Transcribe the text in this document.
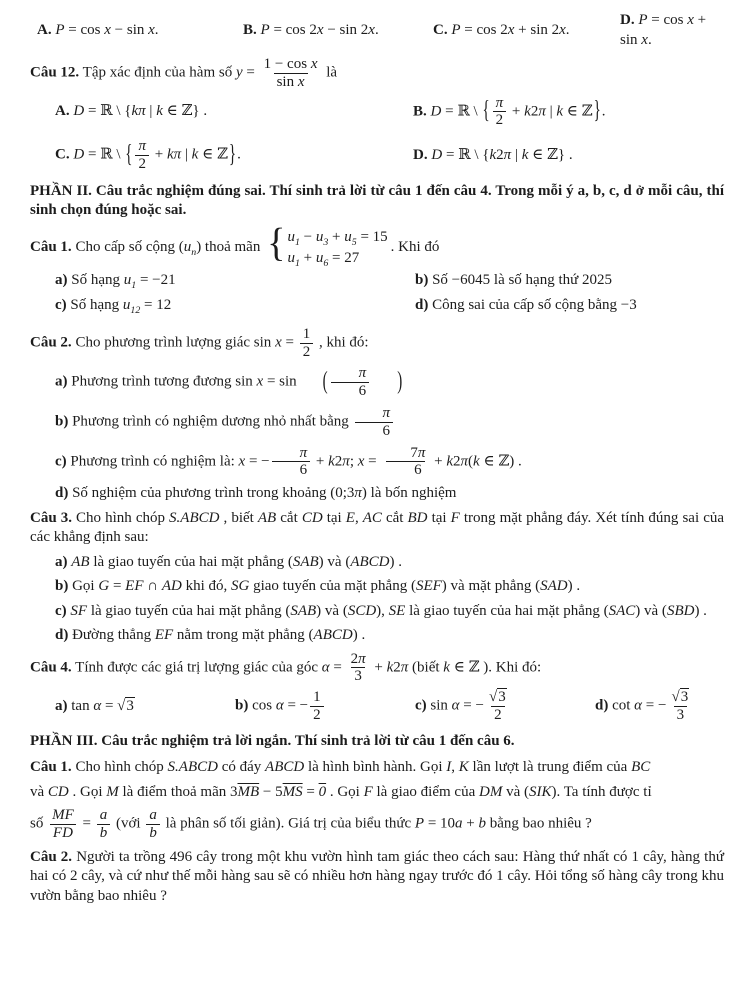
A. P = cos x − sin x.	B. P = cos 2x − sin 2x.	C. P = cos 2x + sin 2x.
D. P = cos x + sin x.
Câu 12. Tập xác định của hàm số $y = \frac{\text{1 − cos x}}{\text{sin x}}$ là
A. D = ℝ \ {kπ | k ∈ ℤ} .	B. D = ℝ \ { $\frac{\pi}{2} + k2\pi$ | k ∈ ℤ}.
C. D = ℝ \ { $\frac{\pi}{2} + k\pi$ | k ∈ ℤ}.	D. D = ℝ \ {k2π | k ∈ ℤ} .
PHẦN II. Câu trắc nghiệm đúng sai. Thí sinh trả lời từ câu 1 đến câu 4. Trong mỗi ý a, b, c, d ở mỗi câu, thí sinh chọn đúng hoặc sai.
Câu 1. Cho cấp số cộng $(u_n)$ thoả mãn
{
$u_1 - u_3 + u_5 = 15$
$u_1 + u_6 = 27$
. Khi đó
a) Số hạng $u_1 = -21$	b) Số −6045 là số hạng thứ 2025
c) Số hạng $u_{12} = 12$	d) Công sai của cấp số cộng bằng −3
Câu 2. Cho phương trình lượng giác $\sin x = \frac{1}{2}$ , khi đó:
a) Phương trình tương đương sin x = sin ( $\frac{\pi}{6}$ )
b) Phương trình có nghiệm dương nhỏ nhất bằng $\frac{\pi}{6}$
c) Phương trình có nghiệm là: x = − $\frac{\pi}{6} + k2\pi$; $x = \frac{7\pi}{6} + k2\pi(k$ ∈ ℤ) .
d) Số nghiệm của phương trình trong khoảng (0;3π) là bốn nghiệm
Câu 3. Cho hình chóp S.ABCD , biết AB cắt CD tại E, AC cắt BD tại F trong mặt phẳng đáy. Xét tính đúng sai của các khẳng định sau:
a) AB là giao tuyến của hai mặt phẳng (SAB) và (ABCD) .
b) Gọi G = EF ∩ AD khi đó, SG giao tuyến của mặt phẳng (SEF) và mặt phẳng (SAD) .
c) SF là giao tuyến của hai mặt phẳng (SAB) và (SCD), SE là giao tuyến của hai mặt phẳng (SAC) và (SBD) .
d) Đường thẳng EF nằm trong mặt phẳng (ABCD) .
Câu 4. Tính được các giá trị lượng giác của góc $\alpha = \frac{2\pi}{3} + k2\pi$ (biết k ∈ ℤ ). Khi đó:
a) tan α = √ 3	b) cos α = − $\frac{1}{2}$	c) sin α = − √ $\frac{3}{2}$	d) cot α = − √ $\frac{3}{3}$
PHẦN III. Câu trắc nghiệm trả lời ngắn. Thí sinh trả lời từ câu 1 đến câu 6.
Câu 1. Cho hình chóp S.ABCD có đáy ABCD là hình bình hành. Gọi I, K lần lượt là trung điểm của BC
và CD . Gọi M là điểm thoả mãn $3\overline{MB} - 5\overline{MS} = 0$ . Gọi F là giao điểm của DM và (SIK). Ta tính được tỉ
số $\frac{MF}{FD} = \frac{a}{b}$ (với $\frac{a}{b}$ là phân số tối giản). Giá trị của biểu thức P = 10a + b bằng bao nhiêu ?
Câu 2. Người ta trồng 496 cây trong một khu vườn hình tam giác theo cách sau: Hàng thứ nhất có 1 cây, hàng thứ hai có 2 cây, và cứ như thế mỗi hàng sau sẽ có nhiều hơn hàng ngay trước đó 1 cây. Hỏi tổng số hàng cây trong khu vườn bằng bao nhiêu ?
